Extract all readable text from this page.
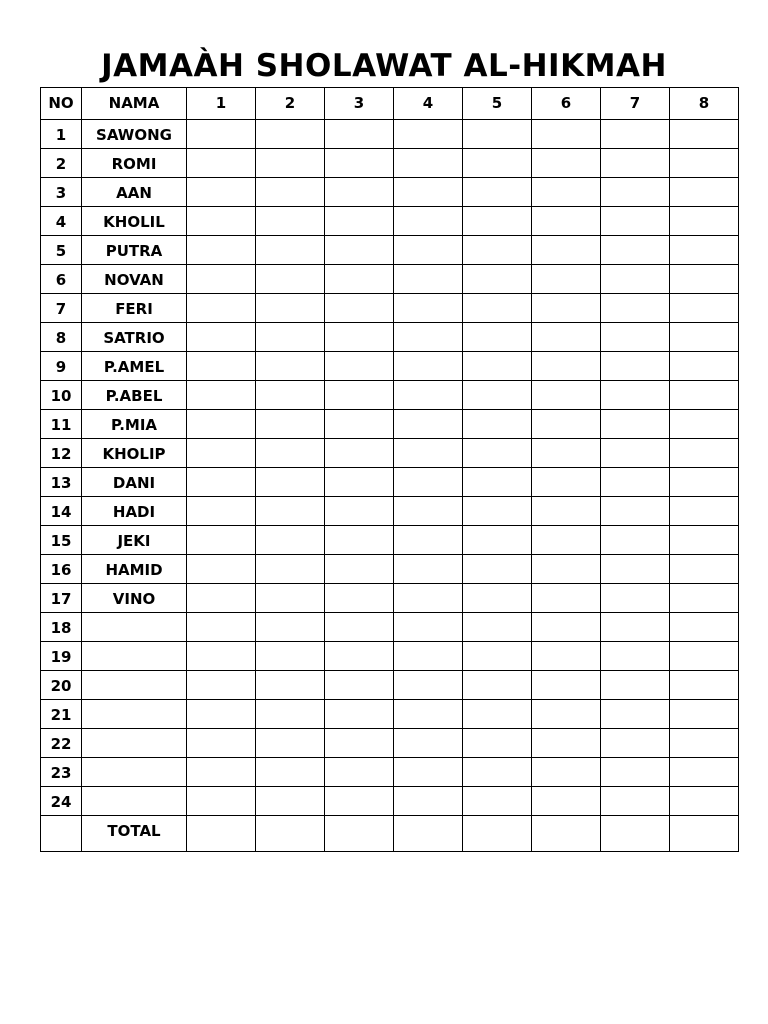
JAMAÀH SHOLAWAT AL-HIKMAH
NO	NAMA	1	2	3	4	5	6	7	8
1	SAWONG								
2	ROMI								
3	AAN								
4	KHOLIL								
5	PUTRA								
6	NOVAN								
7	FERI								
8	SATRIO								
9	P.AMEL								
10	P.ABEL								
11	P.MIA								
12	KHOLIP								
13	DANI								
14	HADI								
15	JEKI								
16	HAMID								
17	VINO								
18									
19									
20									
21									
22									
23									
24									
	TOTAL								
